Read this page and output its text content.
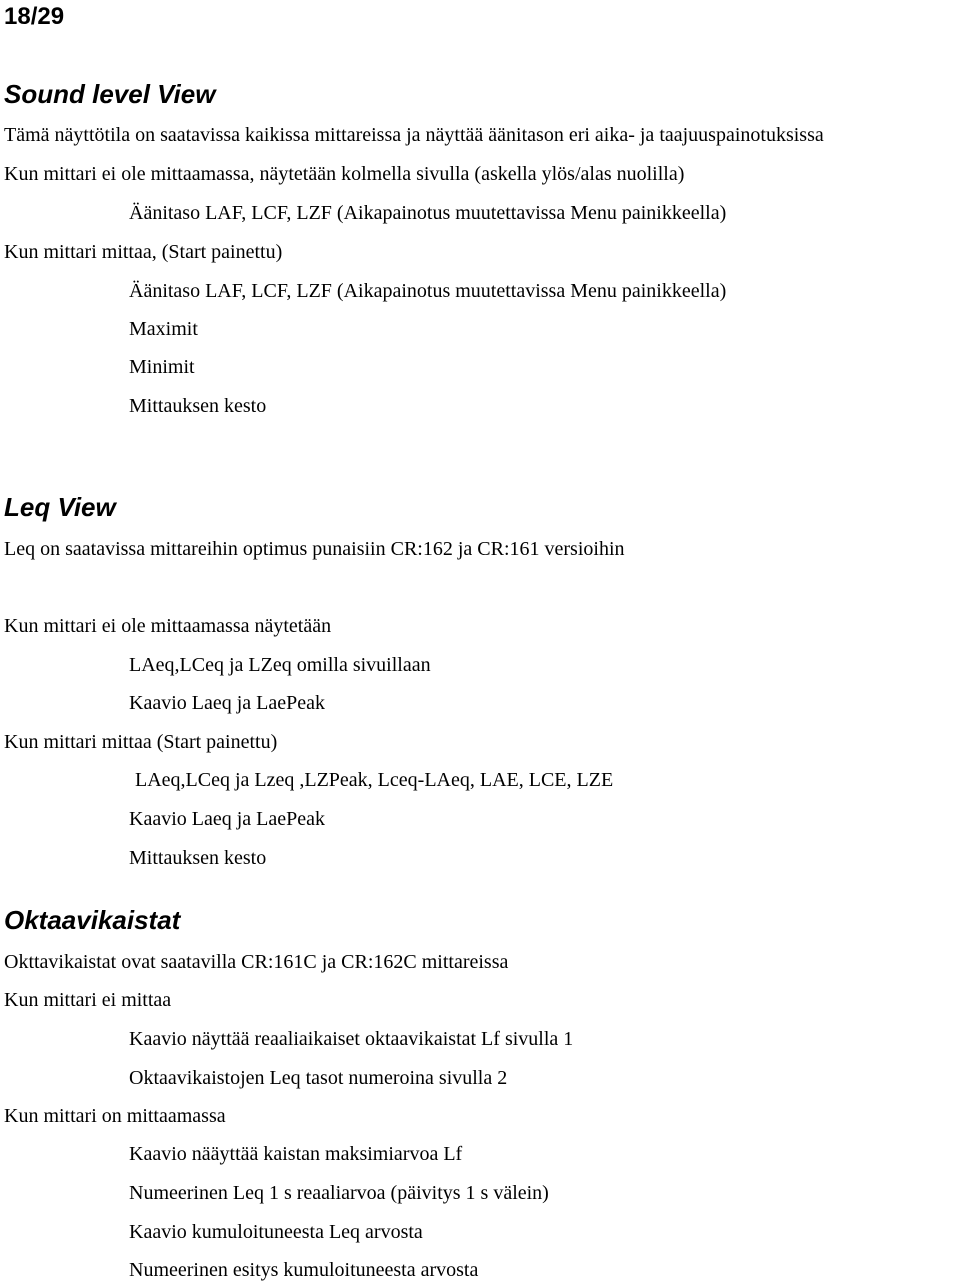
18/29
Sound level View
Tämä näyttötila on saatavissa kaikissa mittareissa ja näyttää äänitason eri aika- ja taajuuspainotuksissa
Kun mittari ei ole mittaamassa, näytetään kolmella sivulla (askella ylös/alas nuolilla)
Äänitaso LAF, LCF, LZF (Aikapainotus muutettavissa Menu painikkeella)
Kun mittari mittaa, (Start painettu)
Äänitaso LAF, LCF, LZF (Aikapainotus muutettavissa Menu painikkeella)
Maximit
Minimit
Mittauksen kesto
Leq View
Leq on saatavissa mittareihin optimus punaisiin CR:162 ja CR:161 versioihin
Kun mittari ei ole mittaamassa näytetään
LAeq,LCeq ja LZeq omilla sivuillaan
Kaavio Laeq ja LaePeak
Kun mittari mittaa (Start painettu)
LAeq,LCeq ja Lzeq ,LZPeak, Lceq-LAeq, LAE, LCE, LZE
Kaavio Laeq ja LaePeak
Mittauksen kesto
Oktaavikaistat
Okttavikaistat ovat saatavilla CR:161C ja CR:162C mittareissa
Kun mittari ei mittaa
Kaavio näyttää reaaliaikaiset oktaavikaistat Lf sivulla 1
Oktaavikaistojen Leq tasot numeroina sivulla 2
Kun mittari on mittaamassa
Kaavio nääyttää kaistan maksimiarvoa Lf
Numeerinen Leq 1 s reaaliarvoa (päivitys 1 s välein)
Kaavio kumuloituneesta Leq arvosta
Numeerinen esitys kumuloituneesta arvosta
